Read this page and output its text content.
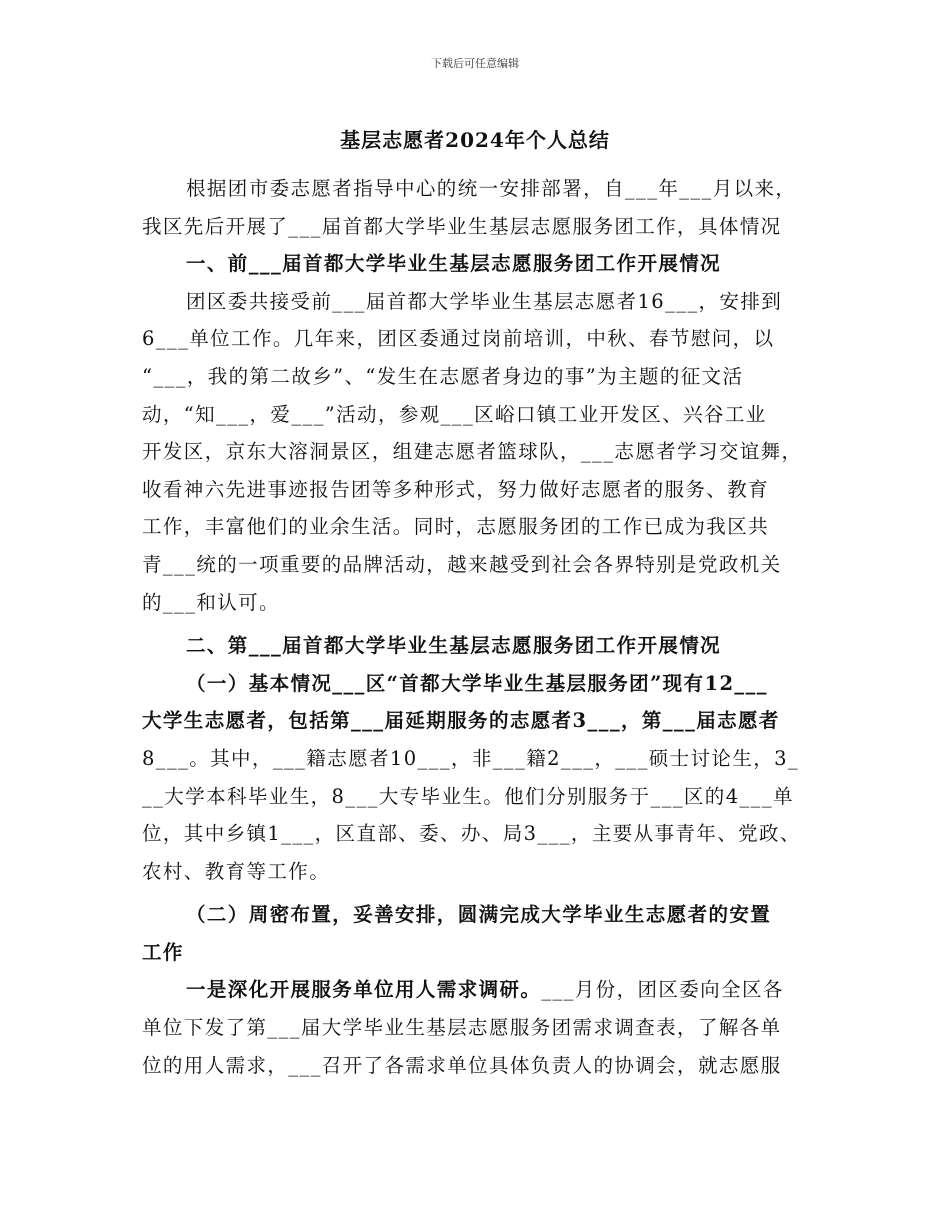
下载后可任意编辑
基层志愿者2024年个人总结
根据团市委志愿者指导中心的统一安排部署，自___年___月以来，
我区先后开展了___届首都大学毕业生基层志愿服务团工作，具体情况
一、前___届首都大学毕业生基层志愿服务团工作开展情况
团区委共接受前___届首都大学毕业生基层志愿者16___，安排到
6___单位工作。几年来，团区委通过岗前培训，中秋、春节慰问，以
“___，我的第二故乡”、“发生在志愿者身边的事”为主题的征文活
动，“知___，爱___”活动，参观___区峪口镇工业开发区、兴谷工业
开发区，京东大溶洞景区，组建志愿者篮球队，___志愿者学习交谊舞，
收看神六先进事迹报告团等多种形式，努力做好志愿者的服务、教育
工作，丰富他们的业余生活。同时，志愿服务团的工作已成为我区共
青___统的一项重要的品牌活动，越来越受到社会各界特别是党政机关
的___和认可。
二、第___届首都大学毕业生基层志愿服务团工作开展情况
（一）基本情况___区“首都大学毕业生基层服务团”现有12___
大学生志愿者，包括第___届延期服务的志愿者3___，第___届志愿者
8___。其中，___籍志愿者10___，非___籍2___，___硕士讨论生，3_
__大学本科毕业生，8___大专毕业生。他们分别服务于___区的4___单
位，其中乡镇1___，区直部、委、办、局3___，主要从事青年、党政、
农村、教育等工作。
（二）周密布置，妥善安排，圆满完成大学毕业生志愿者的安置
工作
一是深化开展服务单位用人需求调研。___月份，团区委向全区各
单位下发了第___届大学毕业生基层志愿服务团需求调查表，了解各单
位的用人需求，___召开了各需求单位具体负责人的协调会，就志愿服
